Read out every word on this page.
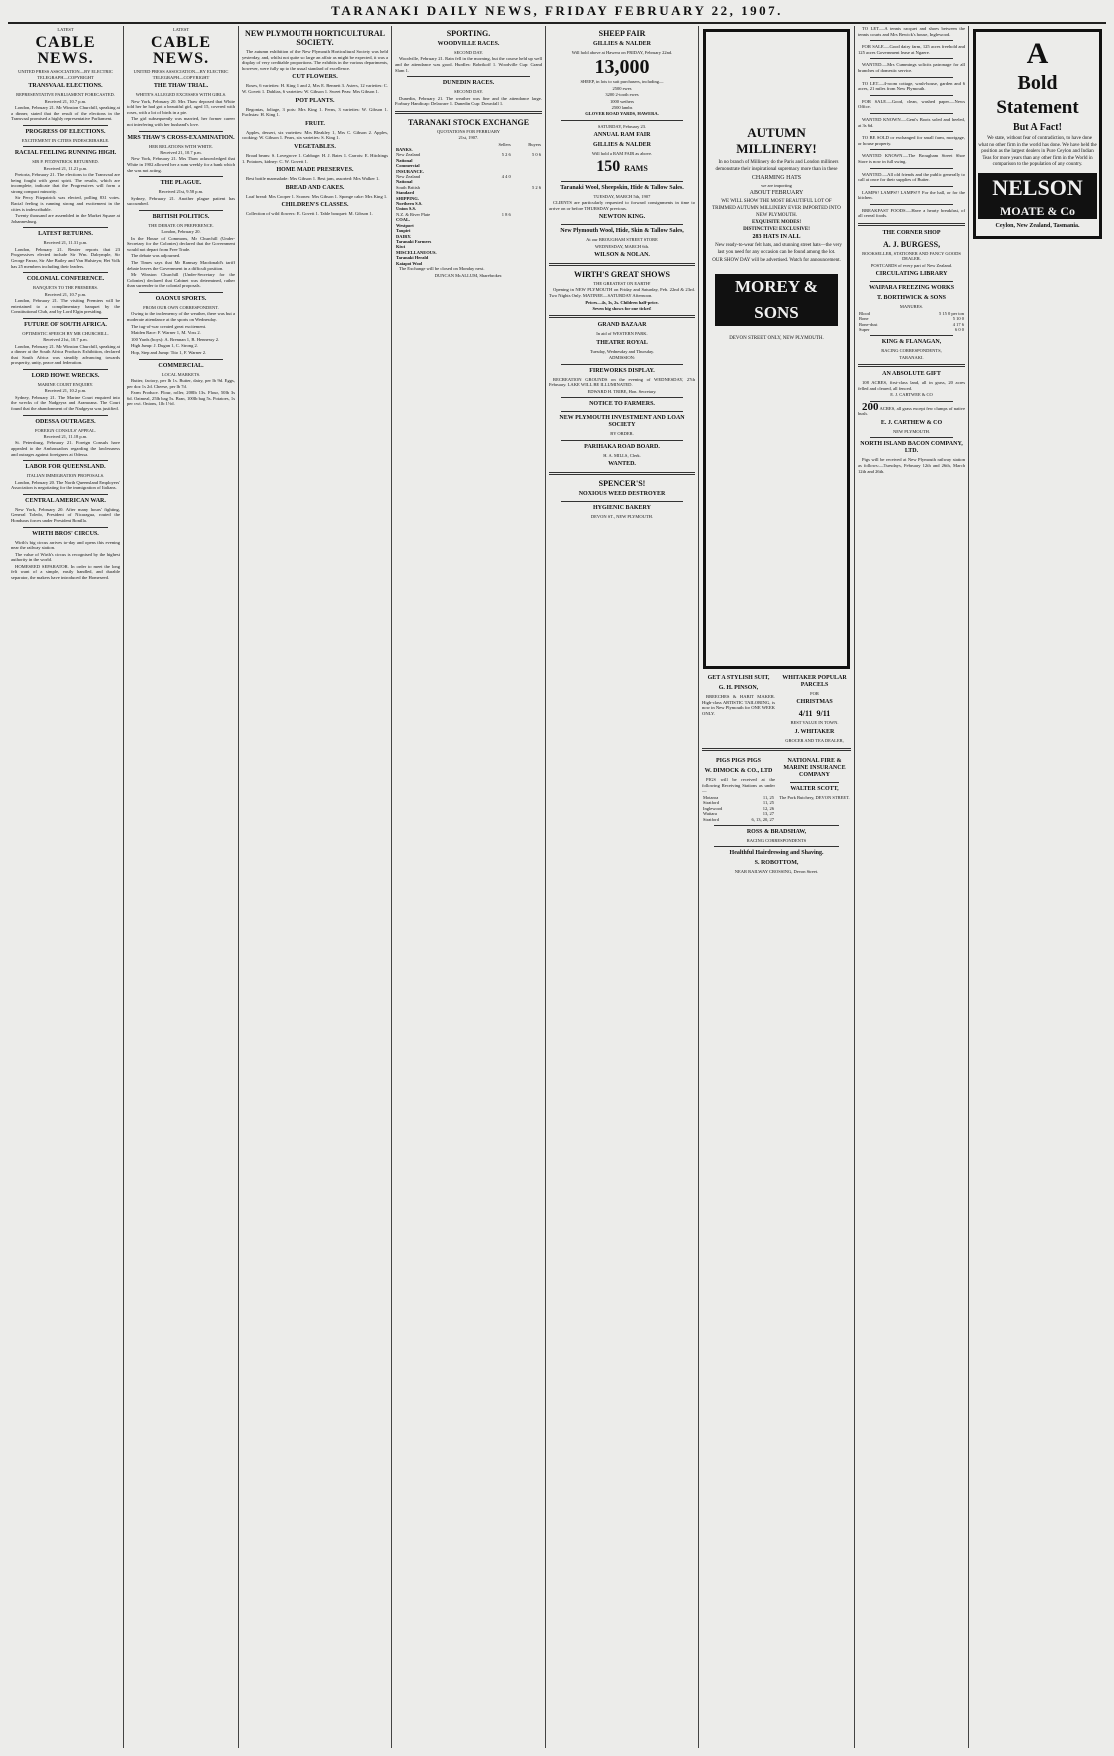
TARANAKI DAILY NEWS, FRIDAY FEBRUARY 22, 1907.
LATEST
CABLE NEWS.
UNITED PRESS ASSOCIATION—BY ELECTRIC TELEGRAPH—COPYRIGHT
TRANSVAAL ELECTIONS.
REPRESENTATIVE PARLIAMENT FORECASTED.
Received 21, 10.7 p.m.

London, February 21. Mr Winston Churchill, speaking at a dinner, stated that the result of the elections in the Transvaal promised a highly representative Parliament.

PROGRESS OF ELECTIONS.
EXCITEMENT IN CITIES INDESCRIBABLE.
RACIAL FEELING RUNNING HIGH.
SIR P. FITZPATRICK RETURNED.
Received 21, 11.21 p.m.

Pretoria, February 21. The elections to the Transvaal are being fought with great spirit. The results, which are incomplete, indicate that the Progressives will form a strong compact minority.

Sir Percy Fitzpatrick was elected, polling 831 votes. Racial feeling is running strong and excitement in the cities is indescribable.

Twenty thousand are assembled in the Market Square at Johannesburg.

LATEST RETURNS.
Received 21, 11.31 p.m.

London, February 21. Reuter reports that 23 Progressives elected include Sir Wm. Dalrymple, Sir George Farrar, Sir Abe Bailey and Van Hulsteyn; Het Volk has 25 members including their leaders.

COLONIAL CONFERENCE.
BANQUETS TO THE PREMIERS.
Received 21, 10.7 p.m.

London, February 21. The visiting Premiers will be entertained to a complimentary banquet by the Constitutional Club, and by Lord Elgin presiding.

FUTURE OF SOUTH AFRICA.
OPTIMISTIC SPEECH BY MR CHURCHILL.
Received 21st, 10.7 p.m.

London, February 21. Mr Winston Churchill, speaking at a dinner at the South Africa Products Exhibition, declared that South Africa was steadily advancing towards prosperity, unity, peace and federation.

LORD HOWE WRECKS.
MARINE COURT ENQUIRY.
Received 21, 10.2 p.m.

Sydney, February 21. The Marine Court enquired into the wrecks of the Nadgeyra and Aramoana. The Court found that the abandonment of the Nadgeyra was justified.

ODESSA OUTRAGES.
FOREIGN CONSULS' APPEAL.
Received 21, 11.18 p.m.

St. Petersburg, February 21. Foreign Consuls have appealed to the Ambassadors regarding the lawlessness and outrages against foreigners at Odessa.

LABOR FOR QUEENSLAND.
ITALIAN IMMIGRATION PROPOSALS.

London, February 20. The North Queensland Employers' Association is negotiating for the immigration of Italians.

CENTRAL AMERICAN WAR.

New York, February 20. After many hours' fighting, General Toledo, President of Nicaragua, routed the Honduras forces under President Bonilla.

WIRTH BROS' CIRCUS.

Wirth's big circus arrives to-day and opens this evening near the railway station.

The value of Wirth's circus is recognised by the highest authority in the world.

HOMESEED SEPARATOR. In order to meet the long felt want of a simple, easily handled, and durable separator, the makers have introduced the Homeseed.

LATEST
CABLE NEWS.
UNITED PRESS ASSOCIATION—BY ELECTRIC TELEGRAPH—COPYRIGHT
THE THAW TRIAL.
WHITE'S ALLEGED EXCESSES WITH GIRLS.

New York, February 20. Mrs Thaw deposed that White told her he had got a beautiful girl, aged 15, covered with roses, with a lot of birds in a pie.

The girl subsequently was married, her former career not interfering with her husband's love.

MRS THAW'S CROSS-EXAMINATION.
HER RELATIONS WITH WHITE.
Received 21, 10.7 p.m.

New York, February 21. Mrs Thaw acknowledged that White in 1902 allowed her a sum weekly for a bank which she was not acting.

THE PLAGUE.
Received 21st, 9.58 p.m.

Sydney, February 21. Another plague patient has succumbed.

BRITISH POLITICS.
THE DEBATE ON PREFERENCE.
London, February 20.

In the House of Commons, Mr Churchill (Under-Secretary for the Colonies) declared that the Government would not depart from Free Trade.

The debate was adjourned.

The Times says that Mr Ramsay Macdonald's tariff debate leaves the Government in a difficult position.

Mr Winston Churchill (Under-Secretary for the Colonies) declared that Cabinet was determined, rather than surrender to the colonial proposals.

OAONUI SPORTS.
FROM OUR OWN CORRESPONDENT.

Owing to the inclemency of the weather, there was but a moderate attendance at the sports on Wednesday.

The tug-of-war created great excitement.

Maiden Race: F. Warner 1, M. Voss 2.

100 Yards (boys): A. Brennan 1, B. Hennessy 2.

High Jump: J. Dugan 1, C. Strong 2.

Hop, Step and Jump: Tito 1, F. Warner 2.

COMMERCIAL.
LOCAL MARKETS.

Butter, factory, per lb 1s. Butter, dairy, per lb 9d. Eggs, per doz 1s 2d. Cheese, per lb 7d.

Farm Produce. Flour, roller, 200lb 13s. Flour, 50lb 3s 6d. Oatmeal, 25lb bag 5s. Bran, 100lb bag 5s. Potatoes, 1s per cwt. Onions, 1lb 1½d.

NEW PLYMOUTH HORTICULTURAL SOCIETY.

The autumn exhibition of the New Plymouth Horticultural Society was held yesterday, and, whilst not quite so large an affair as might be expected, it was a display of very creditable proportions. The exhibits in the various departments, however, were fully up to the usual standard of excellence.

CUT FLOWERS.

Roses, 6 varieties: H. King 1 and 2, Mrs E. Bennett 3. Asters, 12 varieties: C. W. Govett 1. Dahlias, 6 varieties: W. Gibson 1. Sweet Peas: Mrs Gibson 1.

POT PLANTS.

Begonias, foliage, 3 pots: Mrs King 1. Ferns, 3 varieties: W. Gibson 1. Fuchsias: H. King 1.

FRUIT.

Apples, dessert, six varieties: Mrs Bleakley 1, Mrs C. Gibson 2. Apples, cooking: W. Gibson 1. Pears, six varieties: S. King 1.

VEGETABLES.

Broad beans: S. Lovegrove 1. Cabbage: H. J. Bates 1. Carrots: E. Hitchings 1. Potatoes, kidney: C. W. Govett 1.

HOME MADE PRESERVES.

Best bottle marmalade: Mrs Gibson 1. Best jam, assorted: Mrs Walker 1.

BREAD AND CAKES.

Loaf bread: Mrs Cooper 1. Scones: Mrs Gibson 1. Sponge cake: Mrs King 1.

CHILDREN'S CLASSES.

Collection of wild flowers: E. Govett 1. Table bouquet: M. Gibson 1.

SPORTING.
WOODVILLE RACES.
SECOND DAY.

Woodville, February 21. Rain fell in the morning, but the course held up well and the attendance was good. Hurdles: Bobrikoff 1. Woodville Cup: Grand Slam 1.

DUNEDIN RACES.
SECOND DAY.

Dunedin, February 21. The weather was fine and the attendance large. Forbury Handicap: Delaware 1. Dunedin Cup: Downfall 1.

TARANAKI STOCK EXCHANGE
QUOTATIONS FOR FEBRUARY
21st, 1907.
	Sellers	Buyers
BANKS.		
New Zealand	5 2 6	5 0 6
National		
Commercial		
INSURANCE.		
New Zealand	4 4 0	
National		
South British		5 2 6
Standard		
SHIPPING.		
Northern S.S.		
Union S.S.		
N.Z. & River Plate	1 8 6	
COAL.		
Westport		
Taupiri		
DAIRY.		
Taranaki Farmers		
Kiwi		
MISCELLANEOUS.		
Taranaki Herald		
Kaiapoi Wool		

The Exchange will be closed on Monday next.

DUNCAN McALLUM, Sharebroker.
SHEEP FAIR
GILLIES & NALDER
Will hold above at Hawera on FRIDAY, February 22nd.
13,000
SHEEP, in lots to suit purchasers, including—
2500 ewes
3200 2-tooth ewes
1000 wethers
2500 lambs
GLOVER ROAD YARDS, HAWERA.
SATURDAY, February 23.
ANNUAL RAM FAIR
GILLIES & NALDER
Will hold a RAM FAIR as above.
150 RAMS
Taranaki Wool, Sheepskin, Hide & Tallow Sales.
TUESDAY, MARCH 5th, 1907

CLIENTS are particularly requested to forward consignments in time to arrive on or before THURSDAY previous.

NEWTON KING.
New Plymouth Wool, Hide, Skin & Tallow Sales,
At our BROUGHAM STREET STORE
WEDNESDAY, MARCH 6th.
WILSON & NOLAN.
WIRTH'S GREAT SHOWS
THE GREATEST ON EARTH!

Opening in NEW PLYMOUTH on Friday and Saturday, Feb. 22nd & 23rd. Two Nights Only. MATINEE—SATURDAY Afternoon.

Prices—4s, 3s, 2s. Children half-price.
Seven big shows for one ticket!
GRAND BAZAAR
In aid of WESTERN PARK.
THEATRE ROYAL
Tuesday, Wednesday and Thursday.
ADMISSION:
FIREWORKS DISPLAY.

RECREATION GROUNDS on the evening of WEDNESDAY, 27th February. LAKE WILL BE ILLUMINATED.

EDWARD H. TRIBE, Hon. Secretary.
NOTICE TO FARMERS.
NEW PLYMOUTH INVESTMENT AND LOAN SOCIETY
BY ORDER.
PARIHAKA ROAD BOARD.
H. A. MILLS, Clerk.
WANTED.
SPENCER'S!
NOXIOUS WEED DESTROYER
HYGIENIC BAKERY
DEVON ST., NEW PLYMOUTH.
AUTUMN MILLINERY!

In no branch of Millinery do the Paris and London milliners demonstrate their inspirational supremacy more than in these

CHARMING HATS
we are importing
ABOUT FEBRUARY
WE WILL SHOW THE MOST BEAUTIFUL LOT OF TRIMMED AUTUMN MILLINERY EVER IMPORTED INTO NEW PLYMOUTH.
EXQUISITE MODES!
DISTINCTIVE! EXCLUSIVE!
283 HATS IN ALL

New ready-to-wear felt hats, and stunning street hats—the very last you need for any occasion can be found among the lot.

OUR SHOW DAY will be advertised. Watch for announcement.
MOREY & SONS
DEVON STREET ONLY, NEW PLYMOUTH.
GET A STYLISH SUIT,
G. H. PINSON,

BREECHES & HABIT MAKER. High-class ARTISTIC TAILORING, is now in New Plymouth for ONE WEEK ONLY.

WHITAKER POPULAR PARCELS
FOR
CHRISTMAS
4/11 9/11
BEST VALUE IN TOWN.
J. WHITAKER
GROCER AND TEA DEALER,
PIGS PIGS PIGS
W. DIMOCK & CO., LTD

PIGS will be received at the following Receiving Stations as under—

Motaroa	11, 25
Stratford	11, 25
Inglewood	12, 26
Waitara	13, 27
Stratford	6, 13, 20, 27
NATIONAL FIRE & MARINE INSURANCE COMPANY
WALTER SCOTT,
The Pork Butchery, DEVON STREET.
ROSS & BRADSHAW,
RACING CORRESPONDENTS
Healthful Hairdressing and Shaving.
S. ROBOTTOM,
NEAR RAILWAY CROSSING, Devon Street.

TO LET.—A tennis racquet and shoes between the tennis courts and Mrs Bewick's house, Inglewood.

FOR SALE.—Good dairy farm, 125 acres freehold and 125 acres Government lease at Ngaere.

WANTED.—Mrs Cummings solicits patronage for all branches of domestic service.

TO LET.—4-room cottage, wash-house, garden and 6 acres, 21 miles from New Plymouth.

FOR SALE.—Good, clean, washed paper.—News Office.

WANTED KNOWN.—Gent's Boots soled and heeled, at 3s 6d.

TO BE SOLD or exchanged for small farm, mortgage, or house property.

WANTED KNOWN.—The Brougham Street Shoe Store is now in full swing.

WANTED.—All old friends and the public generally to call at once for their supplies of Butter.

LAMPS! LAMPS!! LAMPS!!! For the hall, or for the kitchen.

BREAKFAST FOODS.—Have a hearty breakfast, of all cereal foods.

THE CORNER SHOP
A. J. BURGESS,
BOOKSELLER, STATIONER AND FANCY GOODS DEALER.
POSTCARDS of every part of New Zealand.
CIRCULATING LIBRARY
WAIPARA FREEZING WORKS
T. BORTHWICK & SONS
MANURES.
Blood	5 15 0 per ton
Bone	5 10 0
Bone-dust	4 17 6
Super	6 0 0
KING & FLANAGAN,
RACING CORRESPONDENTS,
TARANAKI.
AN ABSOLUTE GIFT

108 ACRES, first-class land, all in grass, 20 acres felled and cleared, all fenced.

E. J. CARTWEE & CO

200 ACRES, all grass except few clumps of native bush.

E. J. CARTHEW & CO
NEW PLYMOUTH.
NORTH ISLAND BACON COMPANY, LTD.

Pigs will be received at New Plymouth railway station as follows:—Tuesdays, February 12th and 26th, March 12th and 26th.

A
Bold
Statement
But A Fact!

We state, without fear of contradiction, to have done what no other firm in the world has done. We have held the position as the largest dealers in Pure Ceylon and Indian Teas for more years than any other firm in the World in comparison to the population of any country.

NELSON
MOATE & Co
Ceylon, New Zealand, Tasmania.
